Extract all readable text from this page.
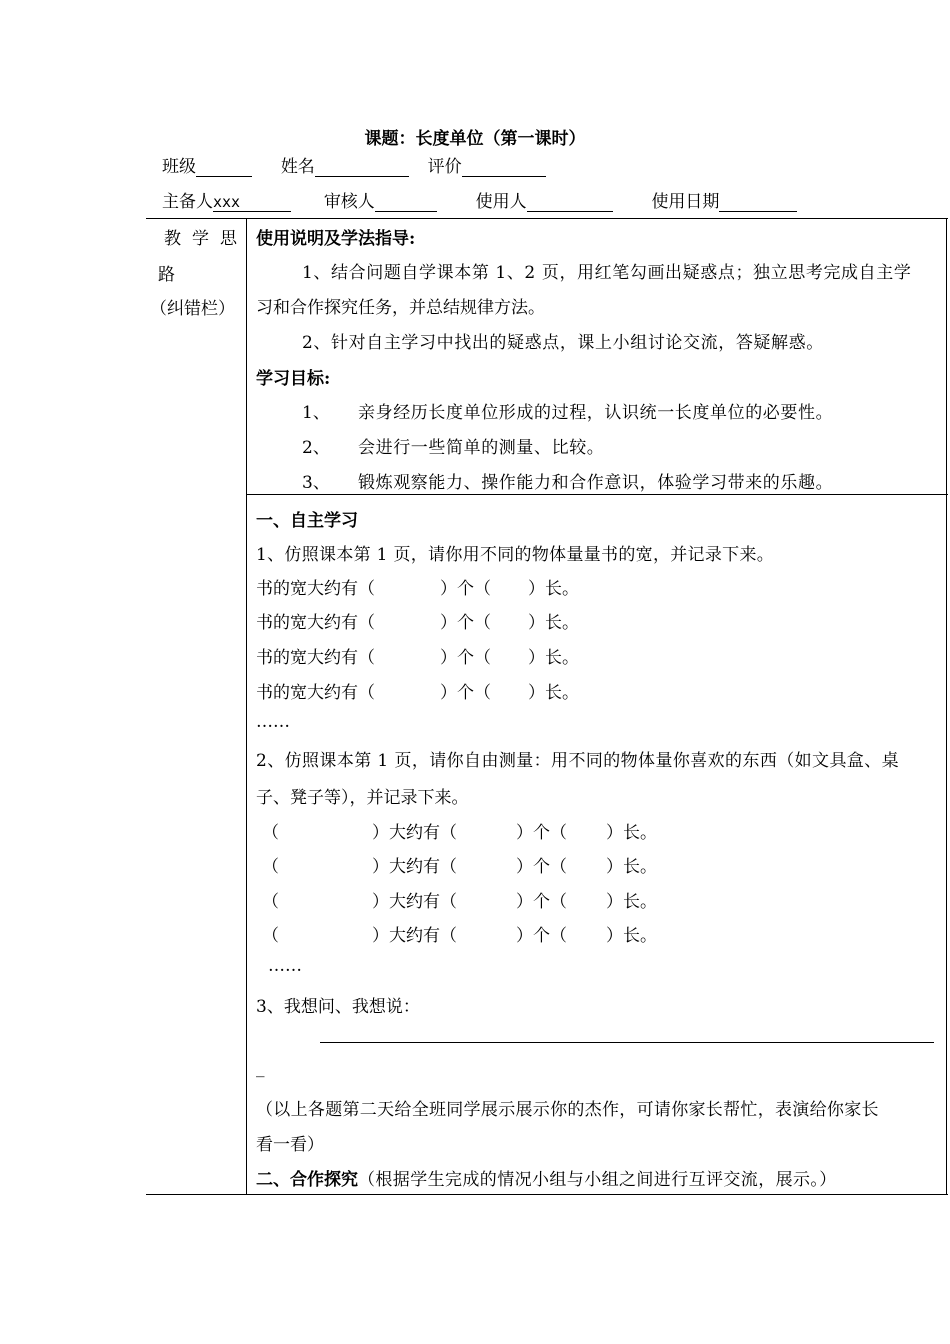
课题：长度单位（第一课时）
班级	姓名	评价
主备人xxx	审核人	使用人	使用日期
教学思
路
（纠错栏）
使用说明及学法指导:
1、结合问题自学课本第 1、2 页，用红笔勾画出疑惑点；独立思考完成自主学
习和合作探究任务，并总结规律方法。
2、针对自主学习中找出的疑惑点，课上小组讨论交流，答疑解惑。
学习目标:
1、 亲身经历长度单位形成的过程，认识统一长度单位的必要性。
2、 会进行一些简单的测量、比较。
3、 锻炼观察能力、操作能力和合作意识，体验学习带来的乐趣。
一、自主学习
1、仿照课本第 1 页，请你用不同的物体量量书的宽，并记录下来。
书的宽大约有（	）个（ ）长。
书的宽大约有（	）个（ ）长。
书的宽大约有（	）个（ ）长。
书的宽大约有（	）个（ ）长。
……
2、仿照课本第 1 页，请你自由测量：用不同的物体量你喜欢的东西（如文具盒、桌
子、凳子等），并记录下来。
（	）大约有（	）个（ ）长。
（	）大约有（	）个（ ）长。
（	）大约有（	）个（ ）长。
（	）大约有（	）个（ ）长。
……
3、我想问、我想说：
_
（以上各题第二天给全班同学展示展示你的杰作，可请你家长帮忙，表演给你家长
看一看）
二、合作探究（根据学生完成的情况小组与小组之间进行互评交流，展示。）
